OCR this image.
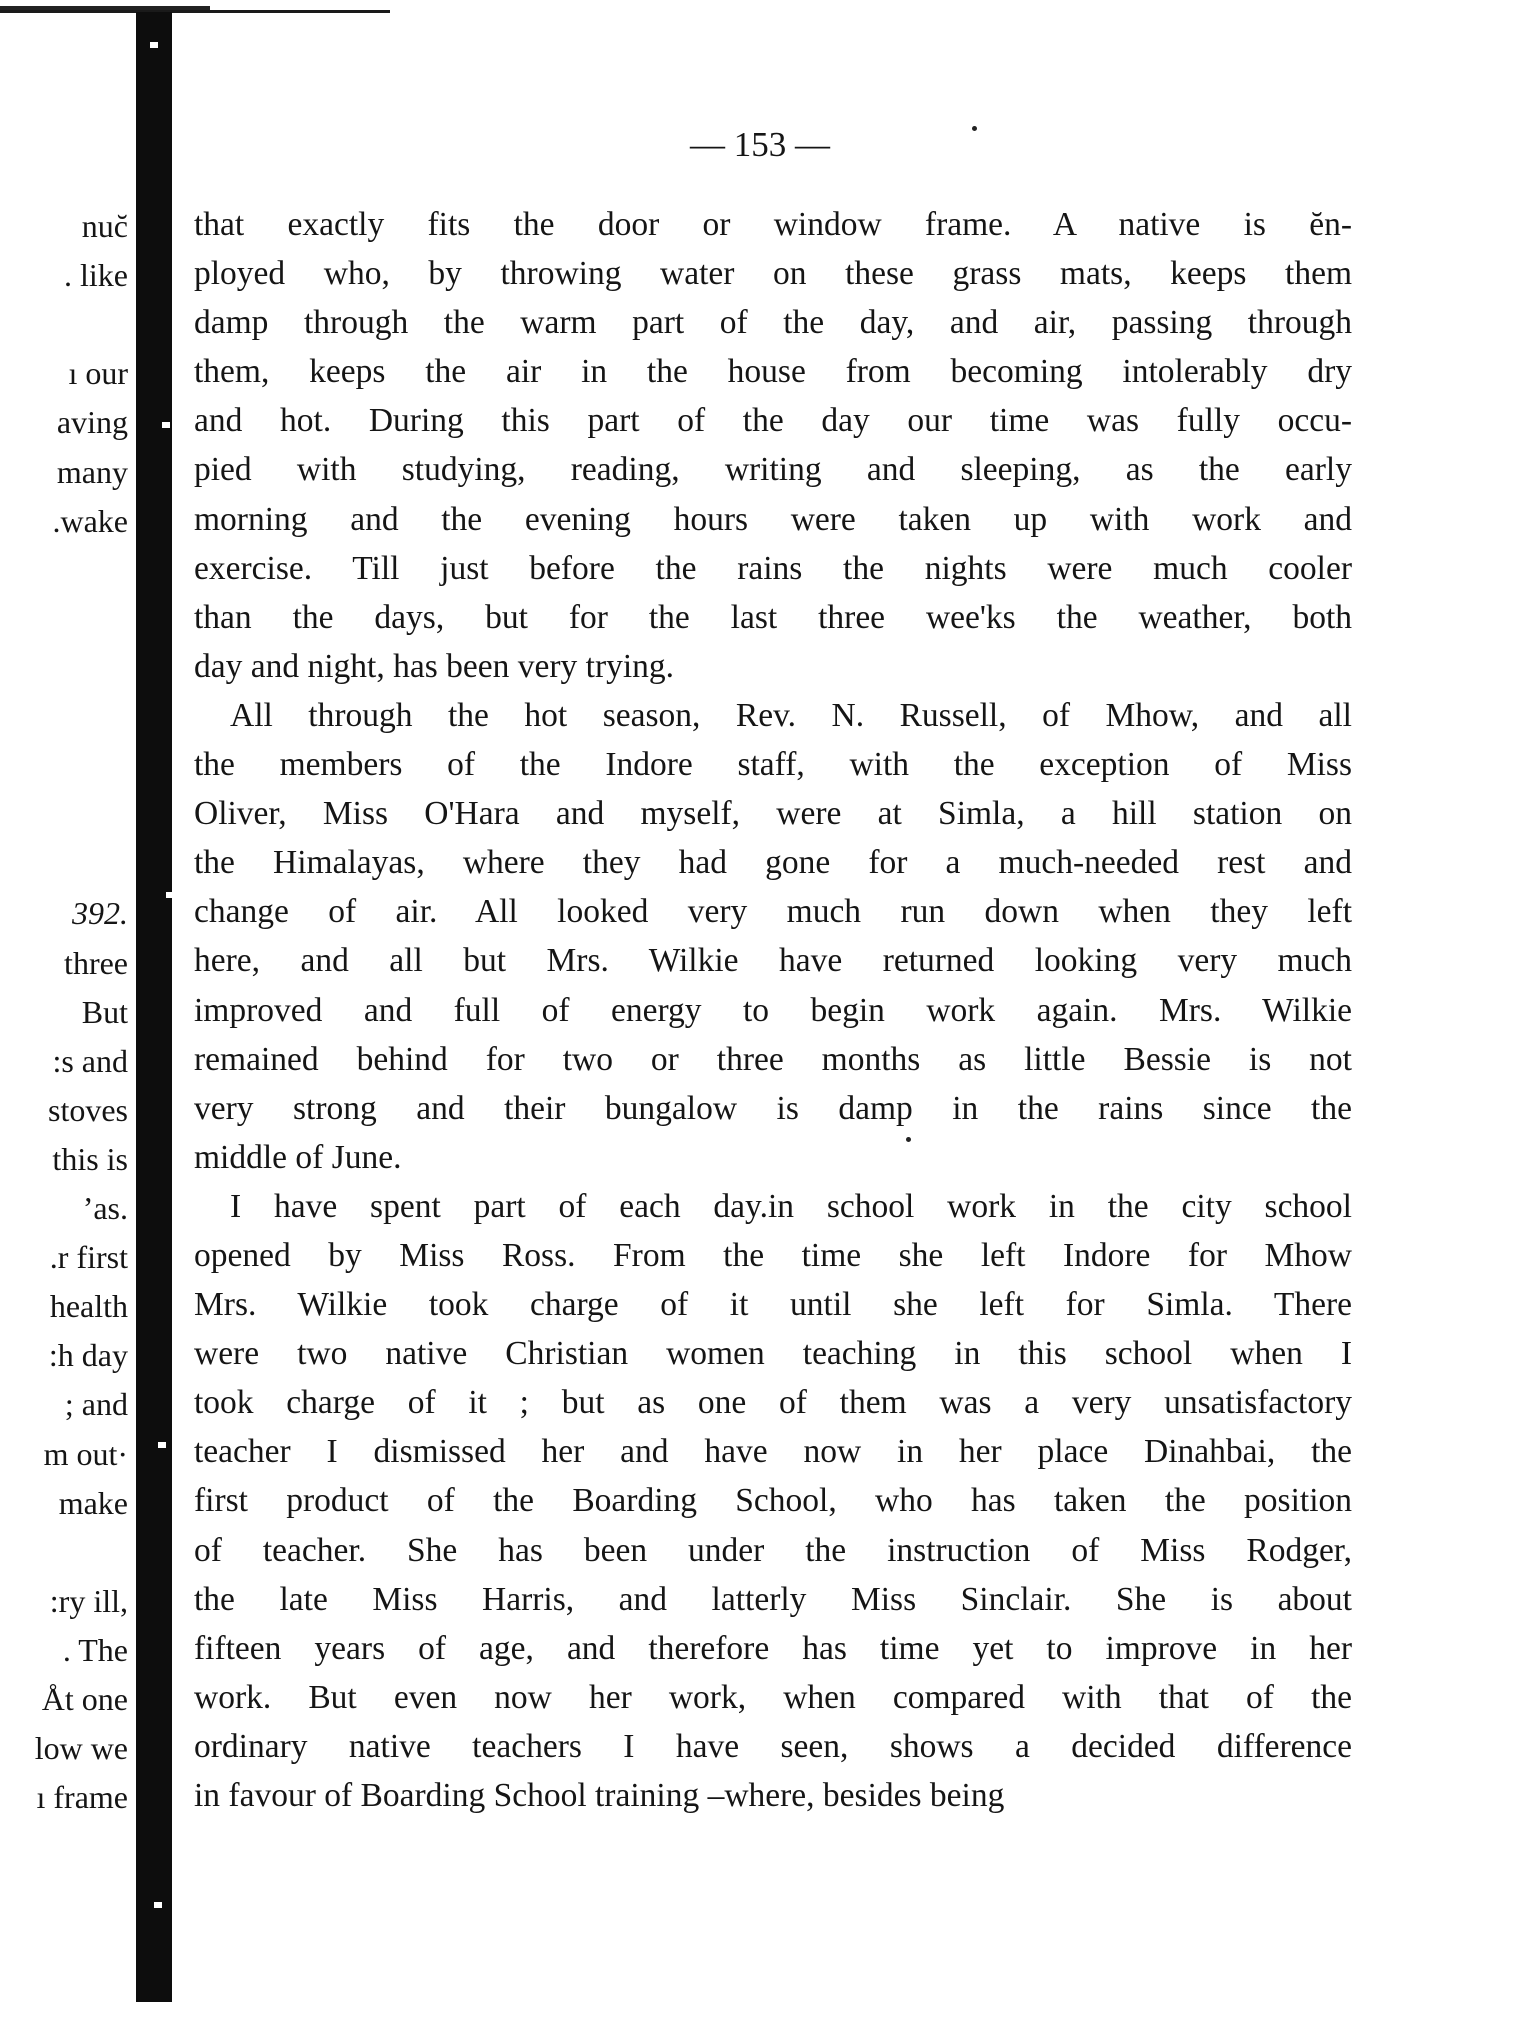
nuc̆
. like
ı our
aving
many
.wake
392.
three
But
:s and
stoves
this is
ʼas.
.r first
health
:h day
; and
m out·
make
:ry ill,
. The
Åt one
low we
ı frame
— 153 —
that exactly fits the door or window frame. A native is ĕn-
ployed who, by throwing water on these grass mats, keeps them
damp through the warm part of the day, and air, passing through
them, keeps the air in the house from becoming intolerably dry
and hot. During this part of the day our time was fully occu-
pied with studying, reading, writing and sleeping, as the early
morning and the evening hours were taken up with work and
exercise. Till just before the rains the nights were much cooler
than the days, but for the last three wee'ks the weather, both
day and night, has been very trying.
All through the hot season, Rev. N. Russell, of Mhow, and all
the members of the Indore staff, with the exception of Miss
Oliver, Miss O'Hara and myself, were at Simla, a hill station on
the Himalayas, where they had gone for a much-needed rest and
change of air. All looked very much run down when they left
here, and all but Mrs. Wilkie have returned looking very much
improved and full of energy to begin work again. Mrs. Wilkie
remained behind for two or three months as little Bessie is not
very strong and their bungalow is damp in the rains since the
middle of June.
I have spent part of each day.in school work in the city school
opened by Miss Ross. From the time she left Indore for Mhow
Mrs. Wilkie took charge of it until she left for Simla. There
were two native Christian women teaching in this school when I
took charge of it ; but as one of them was a very unsatisfactory
teacher I dismissed her and have now in her place Dinahbai, the
first product of the Boarding School, who has taken the position
of teacher. She has been under the instruction of Miss Rodger,
the late Miss Harris, and latterly Miss Sinclair. She is about
fifteen years of age, and therefore has time yet to improve in her
work. But even now her work, when compared with that of the
ordinary native teachers I have seen, shows a decided difference
in favour of Boarding School training –where, besides being
